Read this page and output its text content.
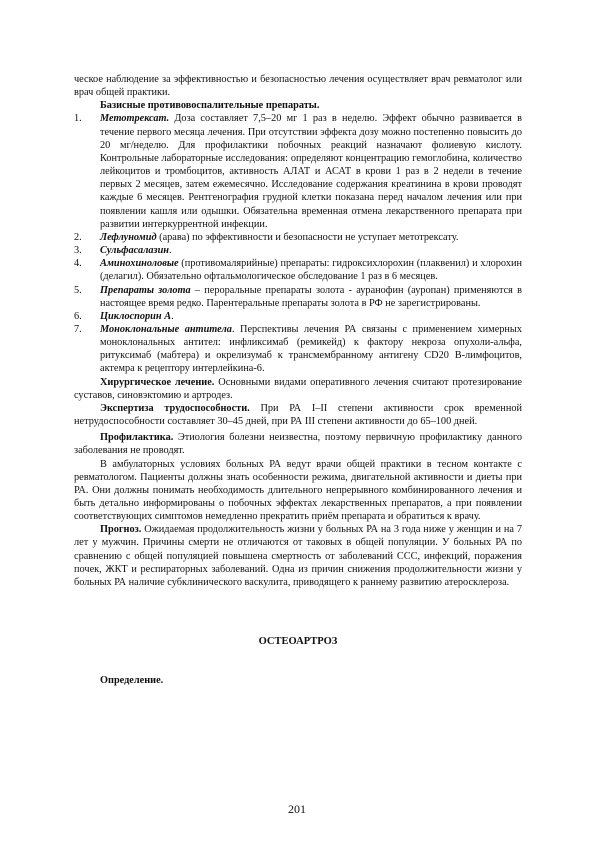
ческое наблюдение за эффективностью и безопасностью лечения осуществляет врач ревматолог или врач общей практики.

Базисные противовоспалительные препараты.

1. Метотрексат. Доза составляет 7,5–20 мг 1 раз в неделю. Эффект обычно развивается в течение первого месяца лечения. При отсутствии эффекта дозу можно постепенно повысить до 20 мг/неделю. Для профилактики побочных реакций назначают фолиевую кислоту. Контрольные лабораторные исследования: определяют концентрацию гемоглобина, количество лейкоцитов и тромбоцитов, активность АЛАТ и АСАТ в крови 1 раз в 2 недели в течение первых 2 месяцев, затем ежемесячно. Исследование содержания креатинина в крови проводят каждые 6 месяцев. Рентгенография грудной клетки показана перед началом лечения или при появлении кашля или одышки. Обязательна временная отмена лекарственного препарата при развитии интеркуррентной инфекции.
2. Лефлуномид (арава) по эффективности и безопасности не уступает метотрексату.
3. Сульфасалазин.
4. Аминохиноловые (противомалярийные) препараты: гидроксихлорохин (плаквенил) и хлорохин (делагил). Обязательно офтальмологическое обследование 1 раз в 6 месяцев.
5. Препараты золота – пероральные препараты золота - ауранофин (ауропан) применяются в настоящее время редко. Парентеральные препараты золота в РФ не зарегистрированы.
6. Циклоспорин А.
7. Моноклональные антитела. Перспективы лечения РА связаны с применением химерных моноклональных антител: инфликсимаб (ремикейд) к фактору некроза опухоли-альфа, ритуксимаб (мабтера) и окрелизумаб к трансмембранному антигену CD20 В-лимфоцитов, актемра к рецептору интерлейкина-6.

Хирургическое лечение. Основными видами оперативного лечения считают протезирование суставов, синовэктомию и артродез.

Экспертиза трудоспособности. При РА I–II степени активности срок временной нетрудоспособности составляет 30–45 дней, при РА III степени активности до 65–100 дней.

Профилактика. Этиология болезни неизвестна, поэтому первичную профилактику данного заболевания не проводят.

В амбулаторных условиях больных РА ведут врачи общей практики в тесном контакте с ревматологом. Пациенты должны знать особенности режима, двигательной активности и диеты при РА. Они должны понимать необходимость длительного непрерывного комбинированного лечения и быть детально информированы о побочных эффектах лекарственных препаратов, а при появлении соответствующих симптомов немедленно прекратить приём препарата и обратиться к врачу.

Прогноз. Ожидаемая продолжительность жизни у больных РА на 3 года ниже у женщин и на 7 лет у мужчин. Причины смерти не отличаются от таковых в общей популяции. У больных РА по сравнению с общей популяцией повышена смертность от заболеваний ССС, инфекций, поражения почек, ЖКТ и респираторных заболеваний. Одна из причин снижения продолжительности жизни у больных РА наличие субклинического васкулита, приводящего к раннему развитию атеросклероза.

ОСТЕОАРТРОЗ

Определение.

201
